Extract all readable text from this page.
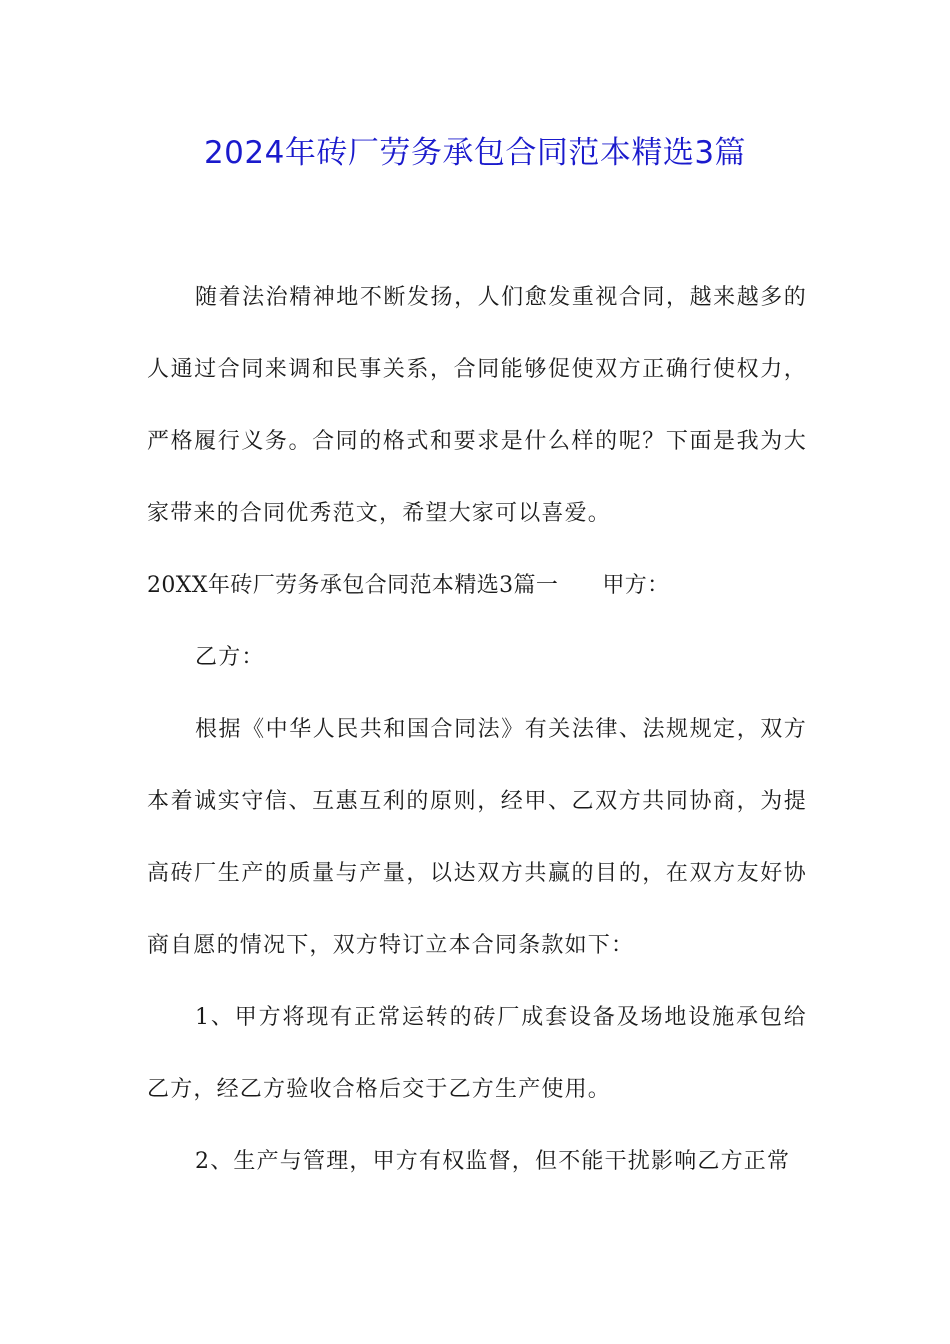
2024年砖厂劳务承包合同范本精选3篇

随着法治精神地不断发扬，人们愈发重视合同，越来越多的人通过合同来调和民事关系，合同能够促使双方正确行使权力，严格履行义务。合同的格式和要求是什么样的呢？下面是我为大家带来的合同优秀范文，希望大家可以喜爱。

20XX年砖厂劳务承包合同范本精选3篇一 甲方：

乙方：

根据《中华人民共和国合同法》有关法律、法规规定，双方本着诚实守信、互惠互利的原则，经甲、乙双方共同协商，为提高砖厂生产的质量与产量，以达双方共赢的目的，在双方友好协商自愿的情况下，双方特订立本合同条款如下：

1、甲方将现有正常运转的砖厂成套设备及场地设施承包给乙方，经乙方验收合格后交于乙方生产使用。

2、生产与管理，甲方有权监督，但不能干扰影响乙方正常
